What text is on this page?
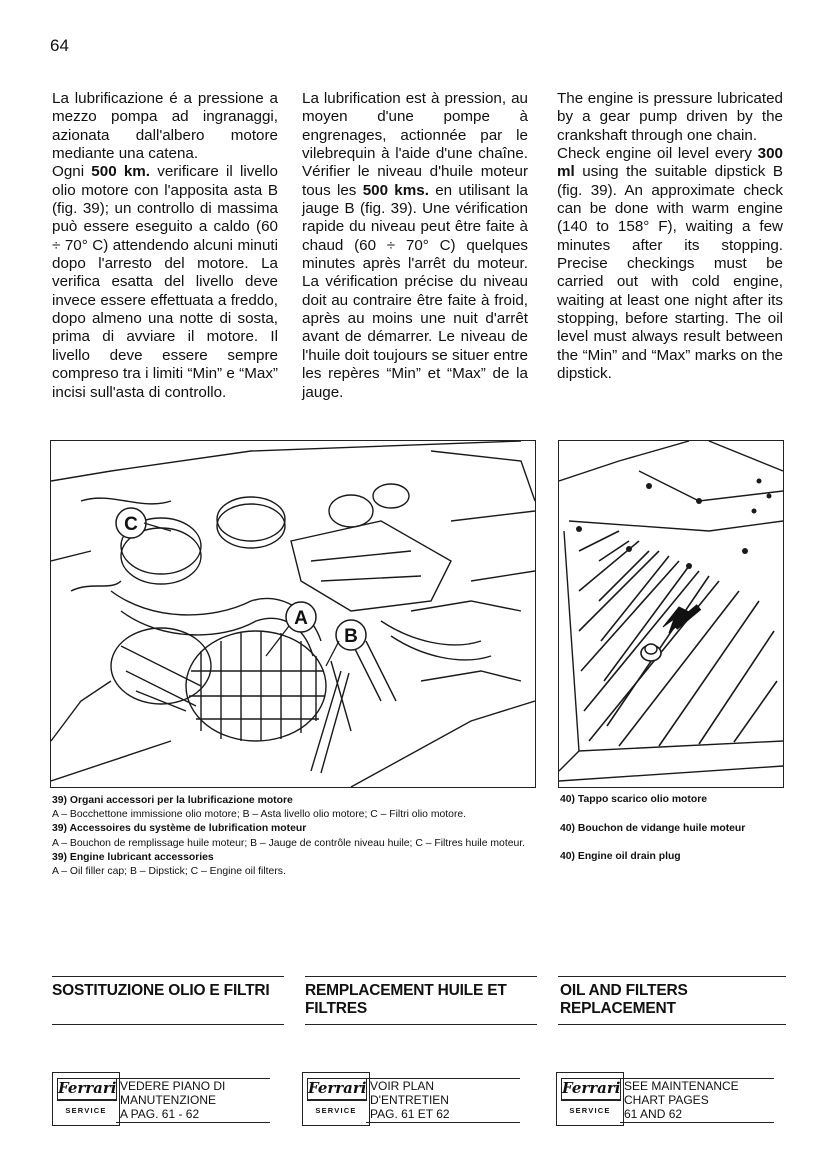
64

La lubrificazione é a pressione a mezzo pompa ad ingranaggi, azionata dall'albero motore mediante una catena.

Ogni 500 km. verificare il livello olio motore con l'apposita asta B (fig. 39); un controllo di massima può essere eseguito a caldo (60 ÷ 70° C) attendendo alcuni minuti dopo l'arresto del motore. La verifica esatta del livello deve invece essere effettuata a freddo, dopo almeno una notte di sosta, prima di avviare il motore. Il livello deve essere sempre compreso tra i limiti “Min” e “Max” incisi sull'asta di controllo.

La lubrification est à pression, au moyen d'une pompe à engrenages, actionnée par le vilebrequin à l'aide d'une chaîne. Vérifier le niveau d'huile moteur tous les 500 kms. en utilisant la jauge B (fig. 39). Une vérification rapide du niveau peut être faite à chaud (60 ÷ 70° C) quelques minutes après l'arrêt du moteur. La vérification précise du niveau doit au contraire être faite à froid, après au moins une nuit d'arrêt avant de démarrer. Le niveau de l'huile doit toujours se situer entre les repères “Min” et “Max” de la jauge.

The engine is pressure lubricated by a gear pump driven by the crankshaft through one chain.

Check engine oil level every 300 ml using the suitable dipstick B (fig. 39). An approximate check can be done with warm engine (140 to 158° F), waiting a few minutes after its stopping. Precise checkings must be carried out with cold engine, waiting at least one night after its stopping, before starting. The oil level must always result between the “Min” and “Max” marks on the dipstick.

C
A
B
39) Organi accessori per la lubrificazione motore
A – Bocchettone immissione olio motore; B – Asta livello olio motore; C – Filtri olio motore.
39) Accessoires du système de lubrification moteur
A – Bouchon de remplissage huile moteur; B – Jauge de contrôle niveau huile; C – Filtres huile moteur.
39) Engine lubricant accessories
A – Oil filler cap; B – Dipstick; C – Engine oil filters.
40) Tappo scarico olio motore
40) Bouchon de vidange huile moteur
40) Engine oil drain plug
SOSTITUZIONE OLIO E FILTRI	REMPLACEMENT HUILE ET FILTRES
OIL AND FILTERS REPLACEMENT
Ferrari
SERVICE
VEDERE PIANO DI
MANUTENZIONE
A PAG. 61 - 62
Ferrari
SERVICE
VOIR PLAN
D'ENTRETIEN
PAG. 61 ET 62
Ferrari
SERVICE
SEE MAINTENANCE
CHART PAGES
61 AND 62
